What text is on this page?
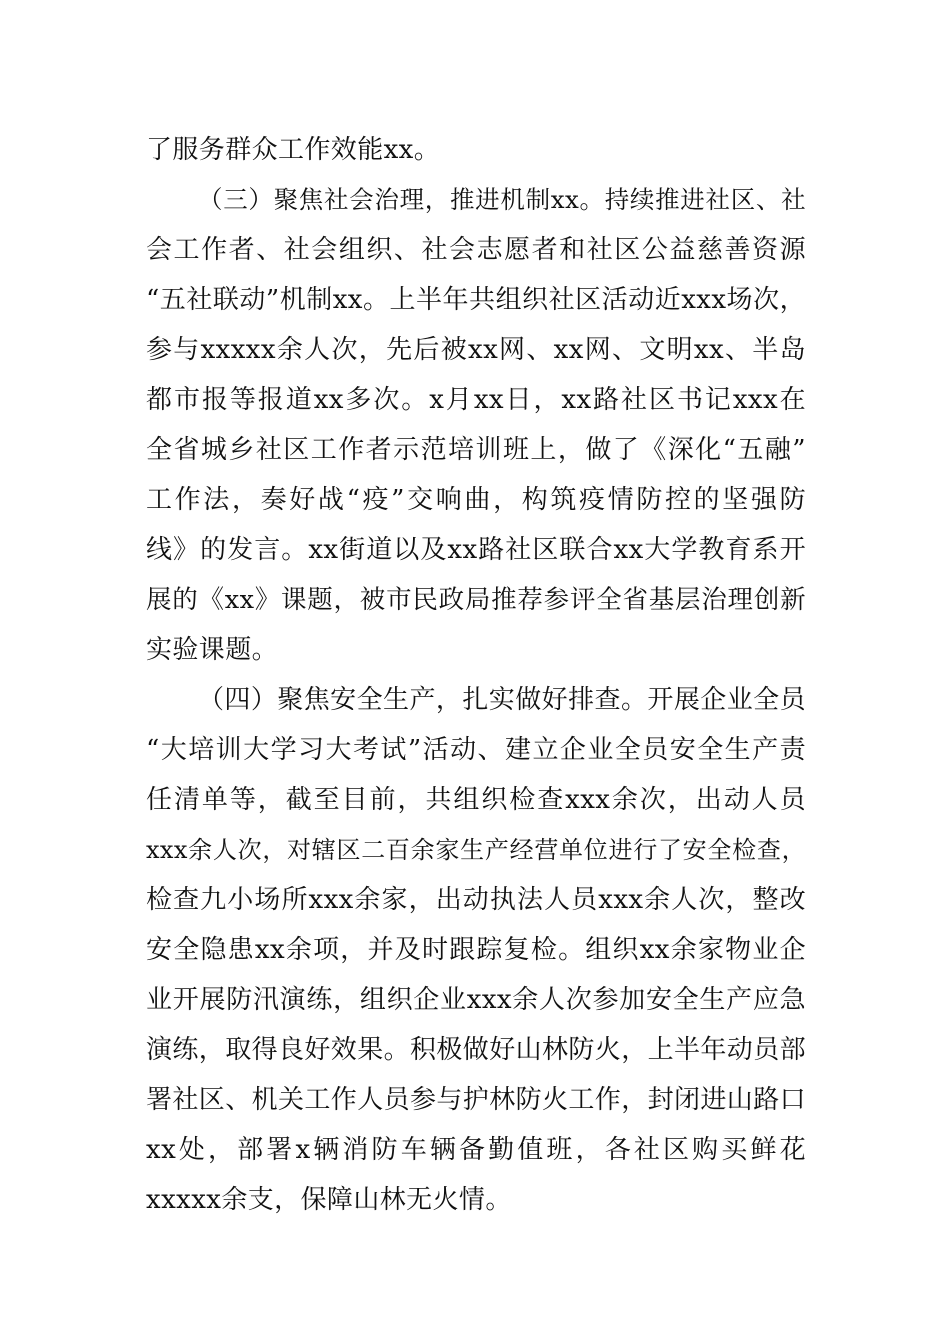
了服务群众工作效能xx。
（三）聚焦社会治理，推进机制xx。持续推进社区、社
会工作者、社会组织、社会志愿者和社区公益慈善资源
“五社联动”机制xx。上半年共组织社区活动近xxx场次，
参与xxxxx余人次，先后被xx网、xx网、文明xx、半岛
都市报等报道xx多次。x月xx日，xx路社区书记xxx在
全省城乡社区工作者示范培训班上，做了《深化“五融”
工作法，奏好战“疫”交响曲，构筑疫情防控的坚强防
线》的发言。xx街道以及xx路社区联合xx大学教育系开
展的《xx》课题，被市民政局推荐参评全省基层治理创新
实验课题。
（四）聚焦安全生产，扎实做好排查。开展企业全员
“大培训大学习大考试”活动、建立企业全员安全生产责
任清单等，截至目前，共组织检查xxx余次，出动人员
xxx余人次，对辖区二百余家生产经营单位进行了安全检查，
检查九小场所xxx余家，出动执法人员xxx余人次，整改
安全隐患xx余项，并及时跟踪复检。组织xx余家物业企
业开展防汛演练，组织企业xxx余人次参加安全生产应急
演练，取得良好效果。积极做好山林防火，上半年动员部
署社区、机关工作人员参与护林防火工作，封闭进山路口
xx处，部署x辆消防车辆备勤值班，各社区购买鲜花
xxxxx余支，保障山林无火情。
